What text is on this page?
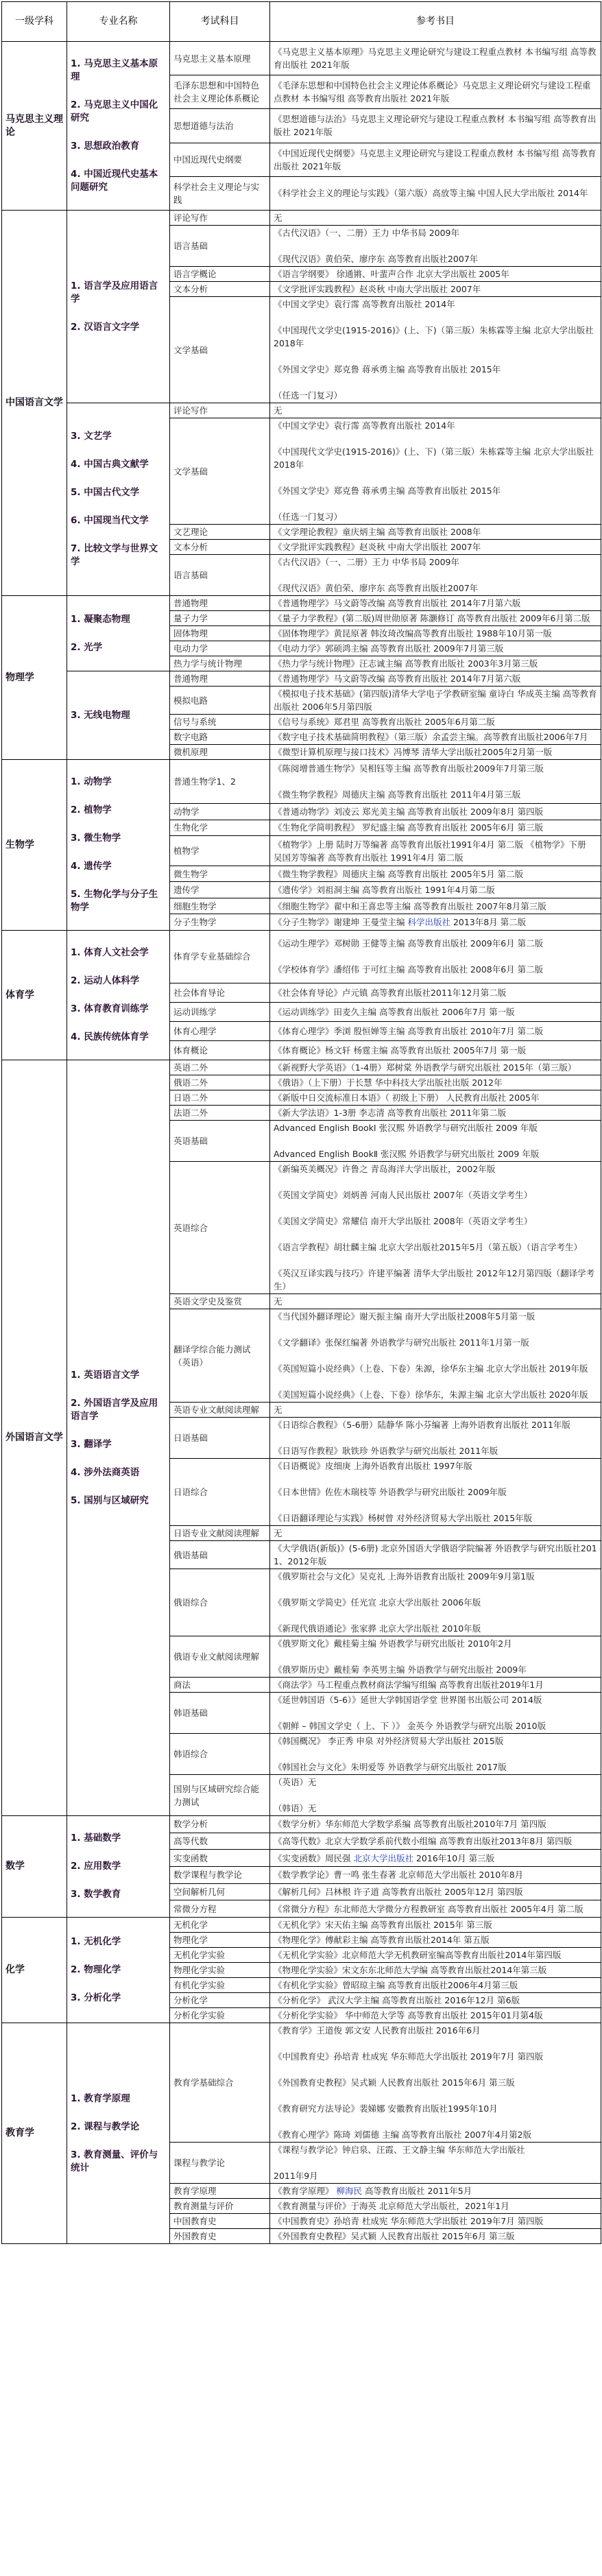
一级学科	专业名称	考试科目	参考书目
马克思主义理论	1. 马克思主义基本原理
2. 马克思主义中国化研究
3. 思想政治教育
4. 中国近现代史基本问题研究	马克思主义基本原理	《马克思主义基本原理》马克思主义理论研究与建设工程重点教材 本书编写组 高等教育出版社 2021年版

		毛泽东思想和中国特色社会主义理论体系概论	《毛泽东思想和中国特色社会主义理论体系概论》马克思主义理论研究与建设工程重点教材 本书编写组 高等教育出版社 2021年版

		思想道德与法治	《思想道德与法治》马克思主义理论研究与建设工程重点教材 本书编写组 高等教育出版社 2021年版

		中国近现代史纲要	《中国近现代史纲要》马克思主义理论研究与建设工程重点教材 本书编写组 高等教育出版社 2021年版

		科学社会主义理论与实践	《科学社会主义的理论与实践》（第六版）高放等主编 中国人民大学出版社 2014年

中国语言文学	1. 语言学及应用语言学
2. 汉语言文字学	评论写作	无

		语言基础	《古代汉语》（一、二册）王力 中华书局 2009年
《现代汉语》黄伯荣、廖序东 高等教育出版社2007年

		语言学概论	《语言学纲要》 徐通锵、叶蜚声合作 北京大学出版社 2005年

		文本分析	《文学批评实践教程》赵炎秋 中南大学出版社 2007年

		文学基础	《中国文学史》袁行霈 高等教育出版社 2014年
《中国现代文学史(1915-2016)》(上、下)（第三版）朱栋霖等主编 北京大学出版社2018年
《外国文学史》郑克鲁 蒋承勇主编 高等教育出版社 2015年
（任选一门复习）

	3. 文艺学
4. 中国古典文献学
5. 中国古代文学
6. 中国现当代文学
7. 比较文学与世界文学	评论写作	无

		文学基础	《中国文学史》袁行霈 高等教育出版社 2014年
《中国现代文学史(1915-2016)》(上、下)（第三版）朱栋霖等主编 北京大学出版社2018年
《外国文学史》郑克鲁 蒋承勇主编 高等教育出版社 2015年
（任选一门复习）

		文艺理论	《文学理论教程》童庆炳主编 高等教育出版社 2008年

		文本分析	《文学批评实践教程》赵炎秋 中南大学出版社 2007年

		语言基础	《古代汉语》（一、二册）王力 中华书局 2009年
《现代汉语》黄伯荣、廖序东 高等教育出版社2007年

物理学	1. 凝聚态物理
2. 光学	普通物理	《普通物理学》马文蔚等改编 高等教育出版社 2014年7月第六版

		量子力学	《量子力学教程》(第二版)周世勋原著 陈灏修订 高等教育出版社 2009年6月第二版

		固体物理	《固体物理学》黄昆原著 韩汝琦改编高等教育出版社 1988年10月第一版

		电动力学	《电动力学》郭硕鸿主编 高等教育出版社 2009年7月第三版

		热力学与统计物理	《热力学与统计物理》汪志诚主编 高等教育出版社 2003年3月第三版

	3. 无线电物理	普通物理	《普通物理学》马文蔚等改编 高等教育出版社 2014年7月第六版

		模拟电路	《模拟电子技术基础》(第四版)清华大学电子学教研室编 童诗白 华成英主编 高等教育出版社 2006年5月第四版

		信号与系统	《信号与系统》郑君里 高等教育出版社 2005年6月第二版

		数字电路	《数字电子技术基础简明教程》（第三版）余孟尝主编。高等教育出版社2006年7月

		微机原理	《微型计算机原理与接口技术》冯博琴 清华大学出版社2005年2月第一版

生物学	1. 动物学
2. 植物学
3. 微生物学
4. 遗传学
5. 生物化学与分子生物学	普通生物学1、2	《陈阅增普通生物学》吴相钰等主编 高等教育出版社2009年7月第三版
《微生物学教程》周德庆主编 高等教育出版社 2011年4月第三版

		动物学	《普通动物学》刘凌云 郑光美主编 高等教育出版社 2009年8月 第四版

		生物化学	《生物化学简明教程》 罗纪盛主编 高等教育出版社 2005年6月 第三版

		植物学	《植物学》上册 陆时万等编著 高等教育出版社1991年4月 第二版 《植物学》下册 吴国芳等编著 高等教育出版社 1991年4月 第二版

		微生物学	《微生物学教程》周德庆主编 高等教育出版社 2005年5月 第二版

		遗传学	《遗传学》刘祖洞主编 高等教育出版社 1991年4月第二版

		细胞生物学	《细胞生物学》翟中和王喜忠等主编 高等教育出版社 2007年8月第三版

		分子生物学	《分子生物学》谢建坤 王曼莹主编 科学出版社 2013年8月 第二版

体育学	1. 体育人文社会学
2. 运动人体科学
3. 体育教育训练学
4. 民族传统体育学	体育学专业基础综合	《运动生理学》邓树勋 王健等主编 高等教育出版社 2009年6月 第二版
《学校体育学》潘绍伟 于可红主编 高等教育出版社 2008年6月 第二版

		社会体育导论	《社会体育导论》卢元镇 高等教育出版社2011年12月第二版

		运动训练学	《运动训练学》田麦久主编 高等教育出版社 2006年7月 第一版

		体育心理学	《体育心理学》季浏 殷恒婵等主编 高等教育出版社 2010年7月 第二版

		体育概论	《体育概论》杨文轩 杨霆主编 高等教育出版社 2005年7月 第一版

外国语言文学	1. 英语语言文学
2. 外国语言学及应用语言学
3. 翻译学
4. 涉外法商英语
5. 国别与区域研究	英语二外	《新视野大学英语》（1-4册）郑树棠 外语教学与研究出版社 2015年（第三版）

		俄语二外	《俄语》（上下册）于长慧 华中科技大学出版社出版 2012年

		日语二外	《新版中日交流标准日本语》（ 初级上下册） 人民教育出版社 2005年

		法语二外	《新大学法语》1-3册 李志清 高等教育出版社 2011年第二版

		英语基础	Advanced English BookⅠ 张汉熙 外语教学与研究出版社 2009 年版
Advanced English BookⅡ 张汉熙 外语教学与研究出版社 2009 年版

		英语综合	《新编英美概况》许鲁之 青岛海洋大学出版社，2002年版
《英国文学简史》刘炳善 河南人民出版社 2007年（英语文学考生）
《美国文学简史》常耀信 南开大学出版社 2008年（英语文学考生）
《语言学教程》胡壮麟主编 北京大学出版社2015年5月（第五版）（语言学考生）
《英汉互译实践与技巧》许建平编著 清华大学出版社 2012年12月第四版（翻译学考生）

		英语文学史及鉴赏	无

		翻译学综合能力测试（英语）	《当代国外翻译理论》谢天振主编 南开大学出版社2008年5月第一版
《文学翻译》张保红编著 外语教学与研究出版社 2011年1月第一版
《英国短篇小说经典》（上卷、下卷）朱源，徐华东主编 北京大学出版社 2019年版
《美国短篇小说经典》（上卷、下卷）徐华东，朱源主编 北京大学出版社 2020年版

		英语专业文献阅读理解	无

		日语基础	《日语综合教程》（5-6册）陆静华 陈小芬编著 上海外语教育出版社 2011年版
《日语写作教程》耿铁珍 外语教学与研究出版社 2011年版

		日语综合	《日语概说》皮细庚 上海外语教育出版社 1997年版
《日本世情》佐佐木瑞枝等 外语教学与研究出版社 2009年版
《日语翻译理论与实践》杨树曾 对外经济贸易大学出版社 2015年版

		日语专业文献阅读理解	无

		俄语基础	《大学俄语(新版)》(5-6册) 北京外国语大学俄语学院编著 外语教学与研究出版社2011、2012年版

		俄语综合	《俄罗斯社会与文化》吴克礼 上海外语教育出版社 2009年9月第1版
《俄罗斯文学简史》任光宣 北京大学出版社 2006年版
《新现代俄语通论》张家骅 北京大学出版社 2010年版

		俄语专业文献阅读理解	《俄罗斯文化》戴桂菊主编 外语教学与研究出版社 2010年2月
《俄罗斯历史》戴桂菊 李英男主编 外语教学与研究出版社 2009年

		商法	《商法学》马工程重点教材商法学编写组编 高等教育出版社2019年1月

		韩语基础	《延世韩国语（5-6）》延世大学韩国语学堂 世界图书出版公司 2014版
《朝鲜 – 韩国文学史（ 上、下 ）》 金英今 外语教学与研究出版 2010版

		韩语综合	《韩国概况》 李正秀 申泉 对外经济贸易大学出版社 2015版
《韩国社会与文化》朱明爱等 外语教学与研究出版社 2017版

		国别与区域研究综合能力测试	（英语）无
（韩语）无

数学	1. 基础数学
2. 应用数学
3. 数学教育	数学分析	《数学分析》华东师范大学数学系编 高等教育出版社2010年7月 第四版

		高等代数	《高等代数》北京大学数学系前代数小组编 高等教育出版社2013年8月 第四版

		实变函数	《实变函数》周民强 北京大学出版社 2016年10月 第三版

		数学课程与教学论	《数学教学论》曹一鸣 张生春著 北京师范大学出版社 2010年8月

		空间解析几何	《解析几何》吕林根 许子道 高等教育出版社 2005年12月 第四版

		常微分方程	《常微分方程》东北师范大学微分方程教研室 高等教育出版社 2005年4月 第二版

化学	1. 无机化学
2. 物理化学
3. 分析化学	无机化学	《无机化学》宋天佑主编 高等教育出版社 2015年 第三版

		物理化学	《物理化学》傅献彩主编 高等教育出版社2014年 第五版

		无机化学实验	《无机化学实验》北京师范大学无机教研室编高等教育出版社2014年第四版

		物理化学实验	《物理化学实验》宋文东东北师范大学编 高等教育出版社2014年第三版

		有机化学实验	《有机化学实验》曾昭琼主编 高等教育出版社2006年4月第三版

		分析化学	《分析化学》 武汉大学主编 高等教育出版社 2016年12月 第6版

		分析化学实验	《分析化学实验》 华中师范大学等 高等教育出版社 2015年01月第4版

教育学	1. 教育学原理
2. 课程与教学论
3. 教育测量、评价与统计	教育学基础综合	《教育学》王道俊 郭文安 人民教育出版社 2016年6月
《中国教育史》孙培青 杜成宪 华东师范大学出版社 2019年7月 第四版
《外国教育史教程》吴式颖 人民教育出版社 2015年6月 第三版
《教育研究方法导论》裴娣娜 安徽教育出版社1995年10月
《教育心理学》陈琦 刘儒德 主编 高等教育出版社 2007年4月第2版

		课程与教学论	《课程与教学论》钟启泉、汪霞、王文静主编 华东师范大学出版社
2011年9月

		教育学原理	《教育学原理》 柳海民 高等教育出版社 2011年5月

		教育测量与评价	《教育测量与评价》于海英 北京师范大学出版社，2021年1月

		中国教育史	《中国教育史》孙培青 杜成宪 华东师范大学出版社 2019年7月 第四版

		外国教育史	《外国教育史教程》吴式颖 人民教育出版社 2015年6月 第三版
